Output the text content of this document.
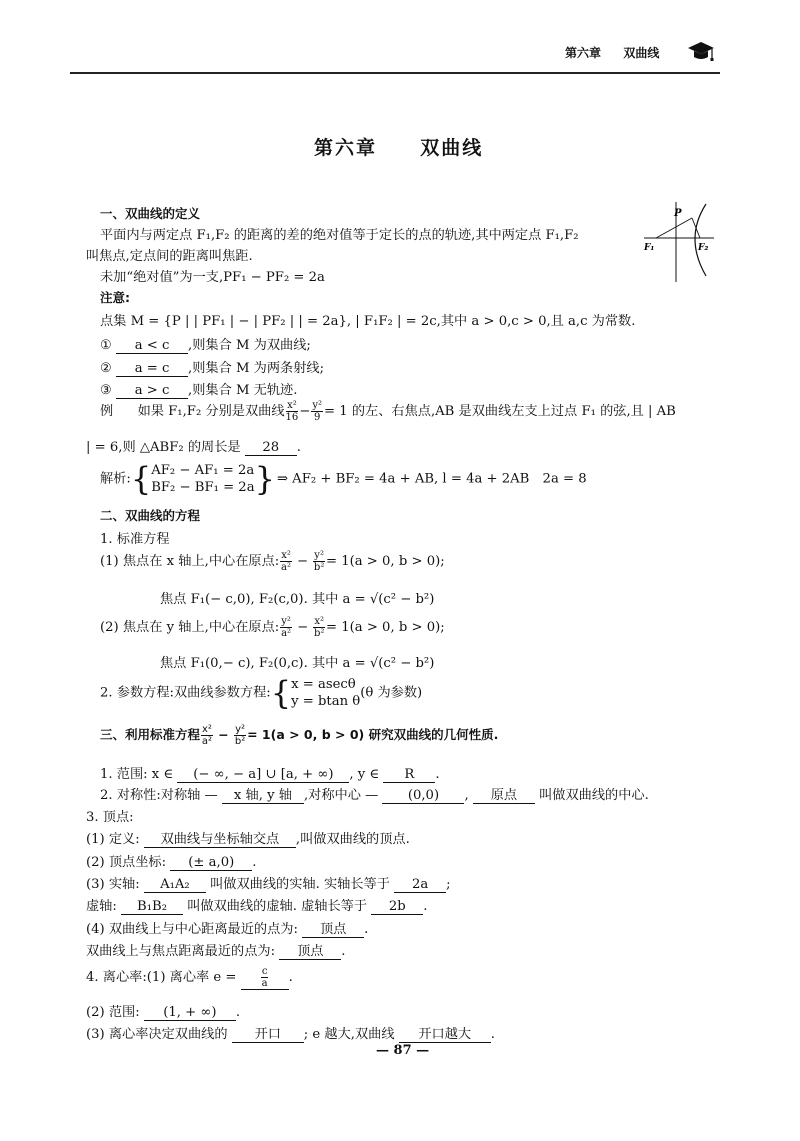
第六章 双曲线
第六章 双曲线
一、双曲线的定义
平面内与两定点 F₁,F₂ 的距离的差的绝对值等于定长的点的轨迹,其中两定点 F₁,F₂
叫焦点,定点间的距离叫焦距.
未加“绝对值”为一支,PF₁ − PF₂ = 2a
注意:
点集 M = {P | | PF₁ | − | PF₂ | | = 2a}, | F₁F₂ | = 2c,其中 a > 0,c > 0,且 a,c 为常数.
① a < c ,则集合 M 为双曲线;
② a = c ,则集合 M 为两条射线;
③ a > c ,则集合 M 无轨迹.
P
F₁	F₂
例 如果 F₁,F₂ 分别是双曲线 $\frac{\text{x²}}{16} - \frac{\text{y²}}{9} = 1$ 的左、右焦点,AB 是双曲线左支上过点 F₁ 的弦,且 | AB
| = 6,则 △ABF₂ 的周长是 28 .
解析:{ AF₂ − AF₁ = 2a
BF₂ − BF₁ = 2a } ⇒ AF₂ + BF₂ = 4a + AB, l = 4a + 2AB　2a = 8
二、双曲线的方程
1. 标准方程
(1) 焦点在 x 轴上,中心在原点: $\frac{\text{x²}}{\text{a²}} - \frac{\text{y²}}{\text{b²}} = 1(a > 0$, b > 0);
焦点 F₁(− c,0), F₂(c,0). 其中 a = √(c² − b²)
(2) 焦点在 y 轴上,中心在原点: $\frac{\text{y²}}{\text{a²}} - \frac{\text{x²}}{\text{b²}} = 1(a > 0$, b > 0);
焦点 F₁(0,− c), F₂(0,c). 其中 a = √(c² − b²)
2. 参数方程:双曲线参数方程:{ x = asecθ
y = btan θ
(θ 为参数)
三、利用标准方程 $\frac{\text{x²}}{\text{a²}} - \frac{\text{y²}}{\text{b²}} = 1(a > 0$, b > 0) 研究双曲线的几何性质.
1. 范围: x ∈ (− ∞, − a] ∪ [a, + ∞) , y ∈ R .
2. 对称性:对称轴 — x 轴, y 轴 ,对称中心 — (0,0) , 原点 叫做双曲线的中心.
3. 顶点:
(1) 定义: 双曲线与坐标轴交点 ,叫做双曲线的顶点.
(2) 顶点坐标: (± a,0) .
(3) 实轴: A₁A₂ 叫做双曲线的实轴. 实轴长等于 2a ;
虚轴: B₁B₂ 叫做双曲线的虚轴. 虚轴长等于 2b .
(4) 双曲线上与中心距离最近的点为: 顶点 .
双曲线上与焦点距离最近的点为: 顶点 .
4. 离心率:(1) 离心率 $e = \frac{c}{a}$ .
(2) 范围: (1, + ∞) .
(3) 离心率决定双曲线的 开口 ; e 越大,双曲线 开口越大 .
— 87 —
